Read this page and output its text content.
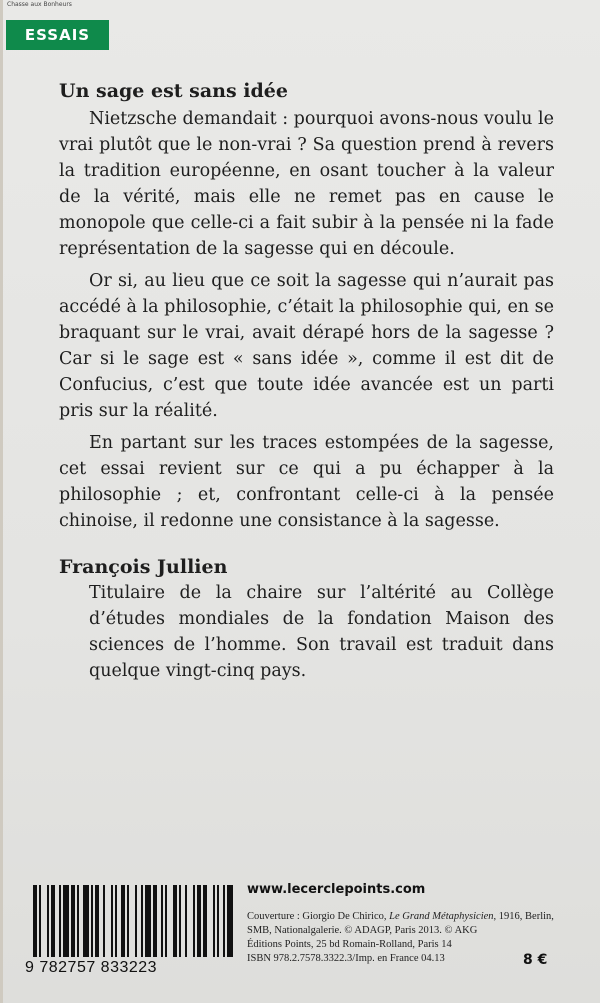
Chasse aux Bonheurs
ESSAIS
Un sage est sans idée

Nietzsche demandait : pourquoi avons-nous voulu le vrai plutôt que le non-vrai ? Sa question prend à revers la tradition européenne, en osant toucher à la valeur de la vérité, mais elle ne remet pas en cause le monopole que celle-ci a fait subir à la pensée ni la fade représentation de la sagesse qui en découle.

Or si, au lieu que ce soit la sagesse qui n’aurait pas accédé à la philosophie, c’était la philosophie qui, en se braquant sur le vrai, avait dérapé hors de la sagesse ? Car si le sage est « sans idée », comme il est dit de Confucius, c’est que toute idée avancée est un parti pris sur la réalité.

En partant sur les traces estompées de la sagesse, cet essai revient sur ce qui a pu échapper à la philosophie ; et, confrontant celle-ci à la pensée chinoise, il redonne une consistance à la sagesse.

François Jullien

Titulaire de la chaire sur l’altérité au Collège d’études mondiales de la fondation Maison des sciences de l’homme. Son travail est traduit dans quelque vingt-cinq pays.

9 782757 833223
www.lecerclepoints.com
Couverture : Giorgio De Chirico, Le Grand Métaphysicien, 1916, Berlin, SMB, Nationalgalerie. © ADAGP, Paris 2013. © AKG
Éditions Points, 25 bd Romain-Rolland, Paris 14
ISBN 978.2.7578.3322.3/Imp. en France 04.13	8 €
